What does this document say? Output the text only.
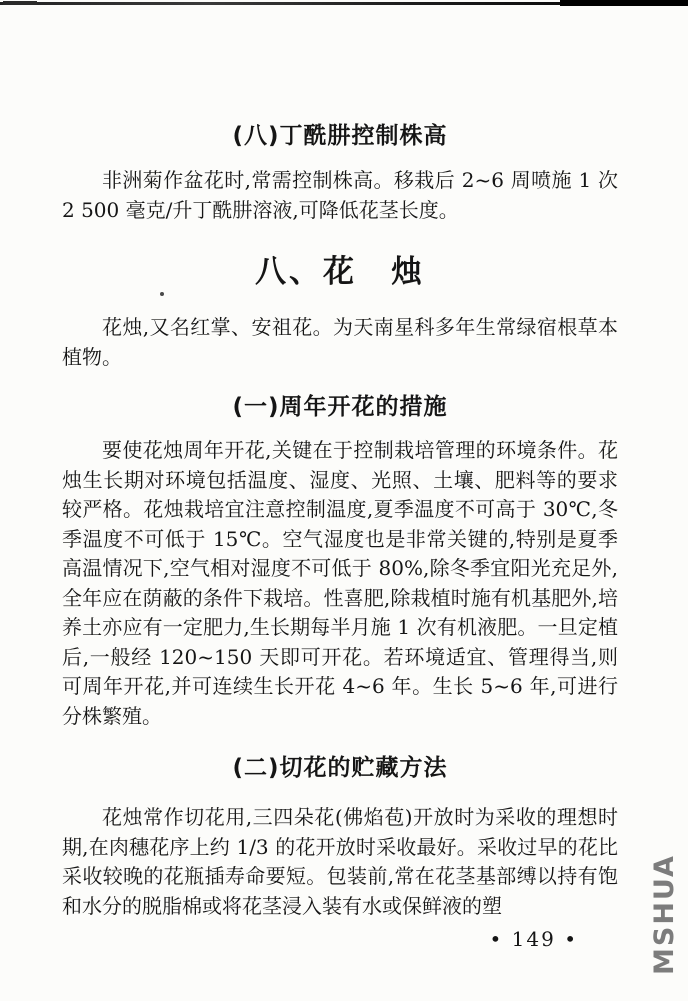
(八)丁酰肼控制株高

非洲菊作盆花时,常需控制株高。移栽后 2~6 周喷施 1 次 2 500 毫克/升丁酰肼溶液,可降低花茎长度。

八、花　烛

花烛,又名红掌、安祖花。为天南星科多年生常绿宿根草本植物。

(一)周年开花的措施

要使花烛周年开花,关键在于控制栽培管理的环境条件。花烛生长期对环境包括温度、湿度、光照、土壤、肥料等的要求较严格。花烛栽培宜注意控制温度,夏季温度不可高于 30℃,冬季温度不可低于 15℃。空气湿度也是非常关键的,特别是夏季高温情况下,空气相对湿度不可低于 80%,除冬季宜阳光充足外,全年应在荫蔽的条件下栽培。性喜肥,除栽植时施有机基肥外,培养土亦应有一定肥力,生长期每半月施 1 次有机液肥。一旦定植后,一般经 120~150 天即可开花。若环境适宜、管理得当,则可周年开花,并可连续生长开花 4~6 年。生长 5~6 年,可进行分株繁殖。

(二)切花的贮藏方法

花烛常作切花用,三四朵花(佛焰苞)开放时为采收的理想时期,在肉穗花序上约 1/3 的花开放时采收最好。采收过早的花比采收较晚的花瓶插寿命要短。包装前,常在花茎基部缚以持有饱和水分的脱脂棉或将花茎浸入装有水或保鲜液的塑

• 149 •	MSHUA
